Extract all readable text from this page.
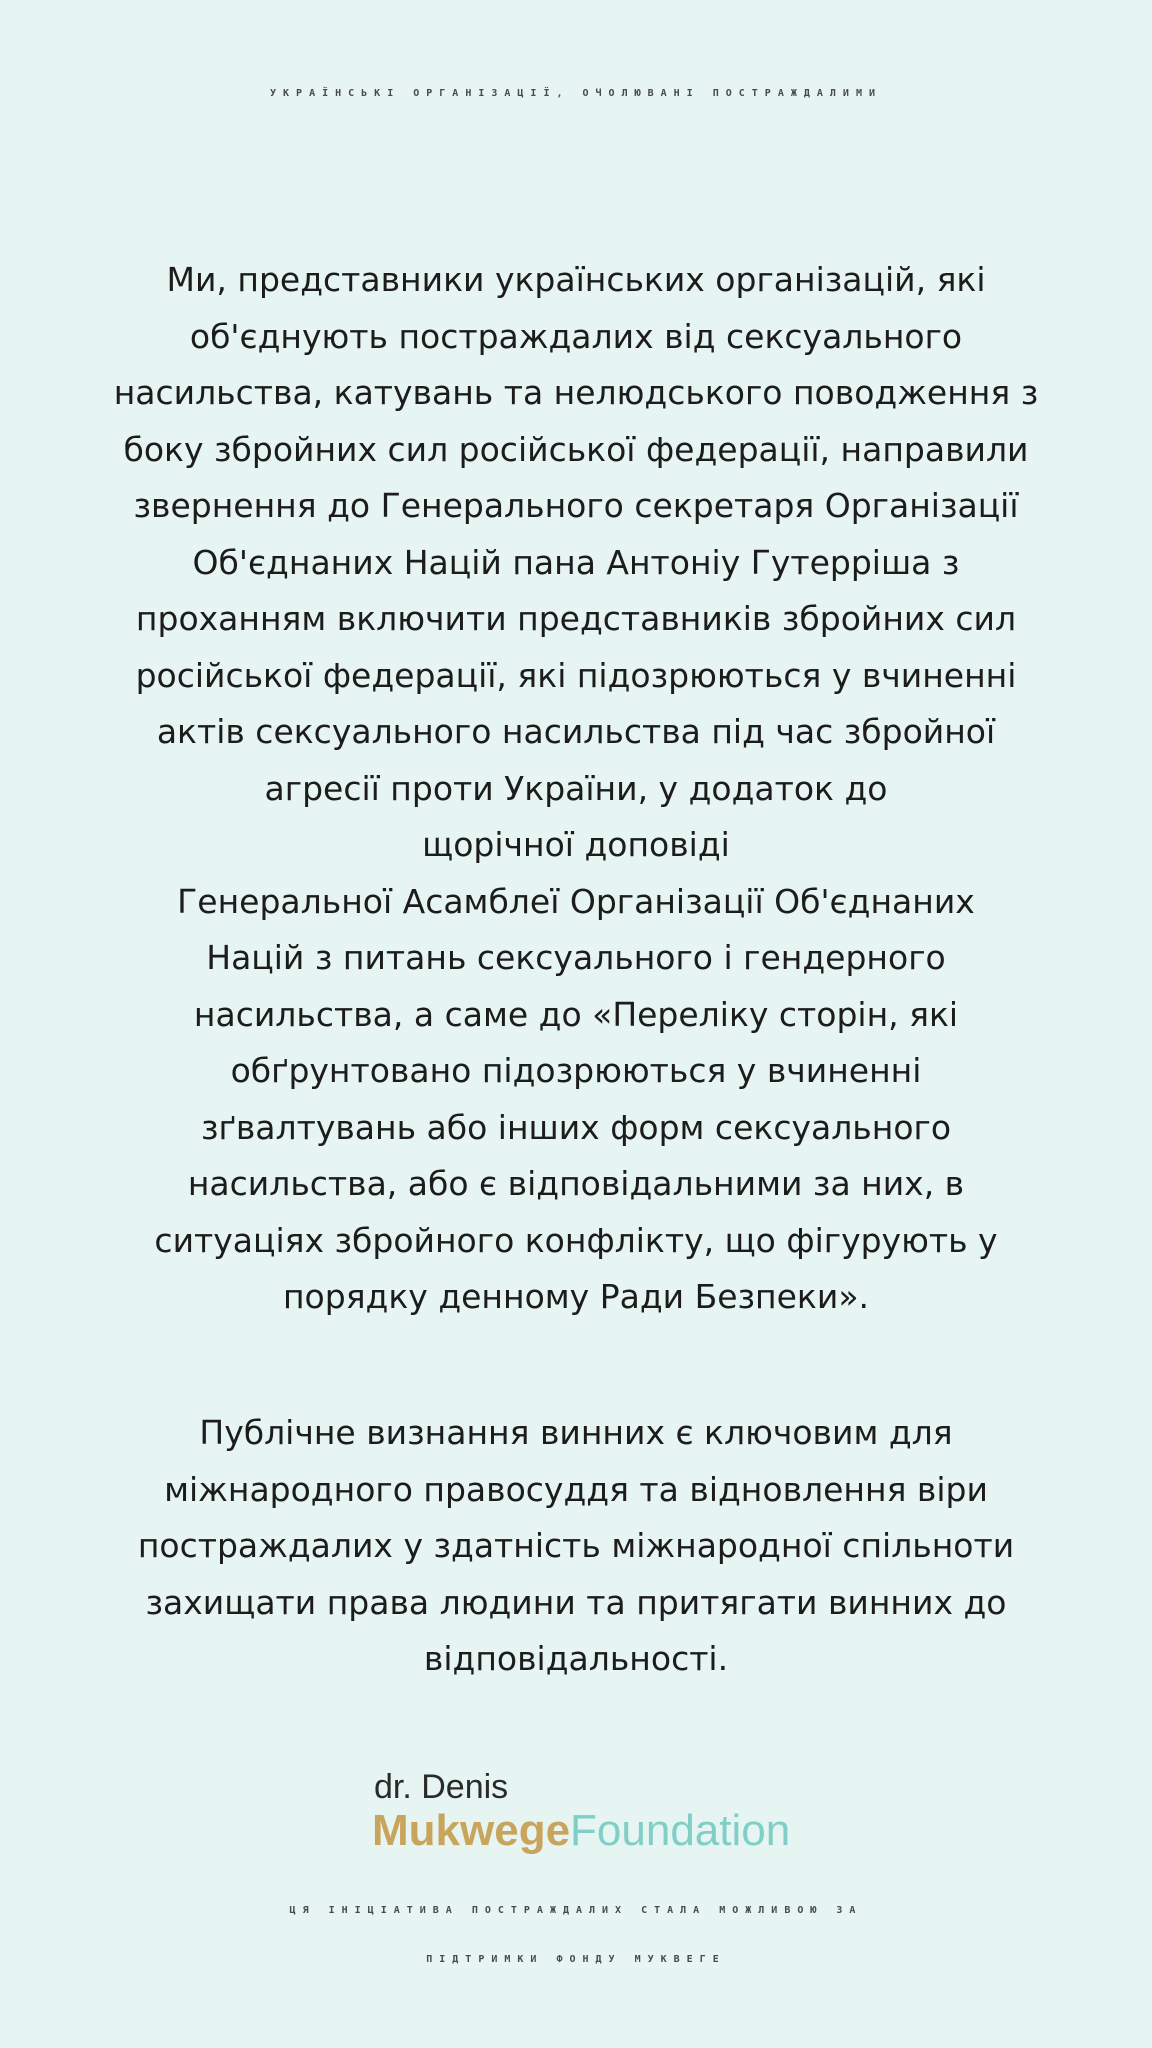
УКРАЇНСЬКІ ОРГАНІЗАЦІЇ, ОЧОЛЮВАНІ ПОСТРАЖДАЛИМИ
Ми, представники українських організацій, які
об'єднують постраждалих від сексуального
насильства, катувань та нелюдського поводження з
боку збройних сил російської федерації, направили
звернення до Генерального секретаря Організації
Об'єднаних Націй пана Антоніу Гутерріша з
проханням включити представників збройних сил
російської федерації, які підозрюються у вчиненні
актів сексуального насильства під час збройної
агресії проти України, у додаток до
щорічної доповіді
Генеральної Асамблеї Організації Об'єднаних
Націй з питань сексуального і гендерного
насильства, а саме до «Переліку сторін, які
обґрунтовано підозрюються у вчиненні
зґвалтувань або інших форм сексуального
насильства, або є відповідальними за них, в
ситуаціях збройного конфлікту, що фігурують у
порядку денному Ради Безпеки».
Публічне визнання винних є ключовим для
міжнародного правосуддя та відновлення віри
постраждалих у здатність міжнародної спільноти
захищати права людини та притягати винних до
відповідальності.
dr. Denis
MukwegeFoundation
ЦЯ ІНІЦІАТИВА ПОСТРАЖДАЛИХ СТАЛА МОЖЛИВОЮ ЗА
ПІДТРИМКИ ФОНДУ МУКВЕГЕ
